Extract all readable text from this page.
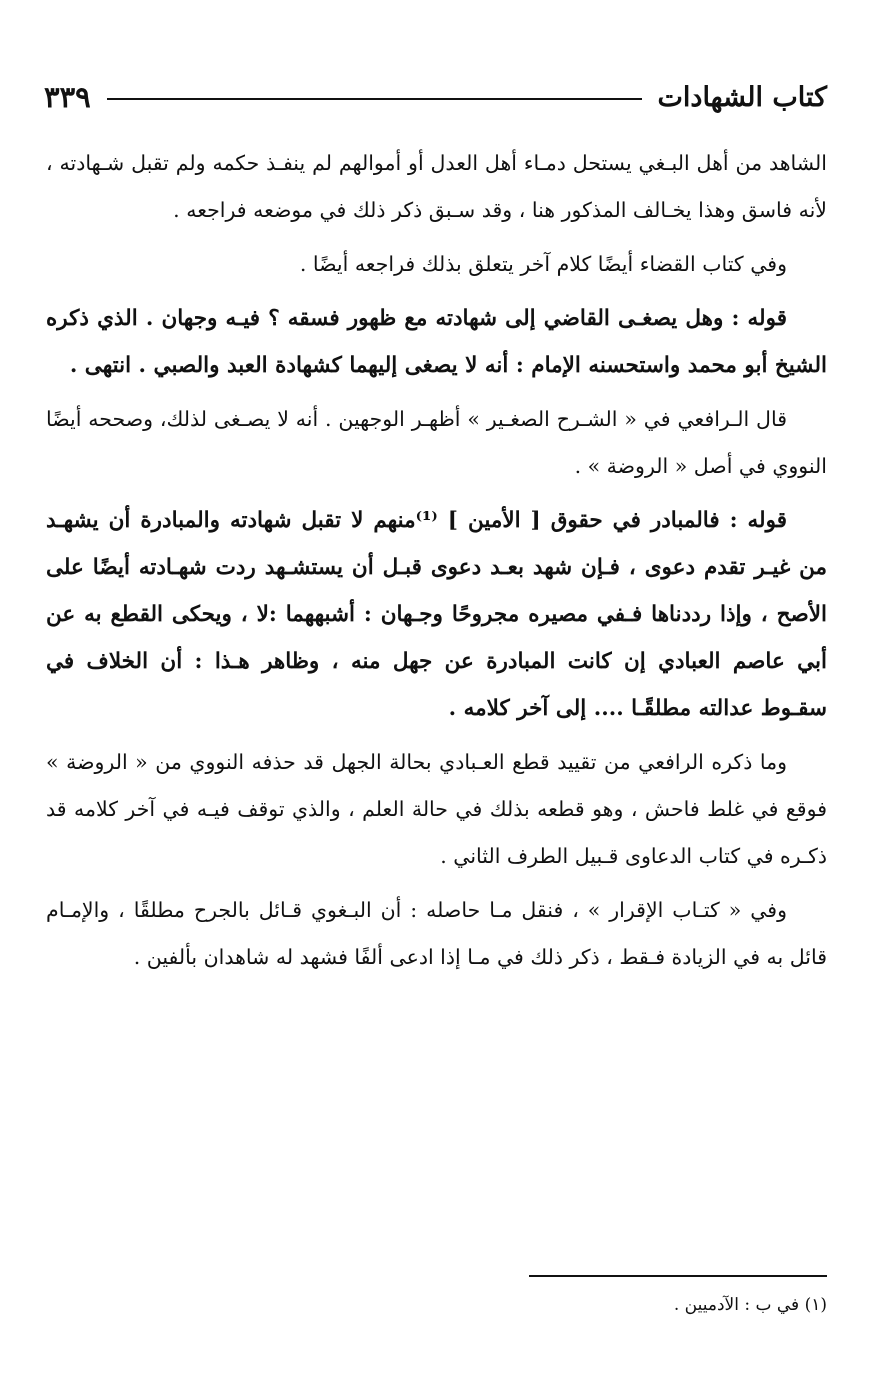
كتاب الشهادات
٣٣٩

الشاهد من أهل البـغي يستحل دمـاء أهل العدل أو أموالهم لم ينفـذ حكمه ولم تقبل شـهادته ، لأنه فاسق وهذا يخـالف المذكور هنا ، وقد سـبق ذكر ذلك في موضعه فراجعه .

وفي كتاب القضاء أيضًا كلام آخر يتعلق بذلك فراجعه أيضًا .

قوله : وهل يصغـى القاضي إلى شهادته مع ظهور فسقه ؟ فيـه وجهان . الذي ذكره الشيخ أبو محمد واستحسنه الإمام : أنه لا يصغى إليهما كشهادة العبد والصبي . انتهى .

قال الـرافعي في « الشـرح الصغـير » أظهـر الوجهين . أنه لا يصـغى لذلك، وصححه أيضًا النووي في أصل « الروضة » .

قوله : فالمبادر في حقوق [ الأمين ] ⁽¹⁾منهم لا تقبل شهادته والمبادرة أن يشهـد من غيـر تقدم دعوى ، فـإن شهد بعـد دعوى قبـل أن يستشـهد ردت شهـادته أيضًا على الأصح ، وإذا رددناها فـفي مصيره مجروحًا وجـهان : أشبههما :لا ، ويحكى القطع به عن أبي عاصم العبادي إن كانت المبادرة عن جهل منه ، وظاهر هـذا : أن الخلاف في سقـوط عدالته مطلقًـا .... إلى آخر كلامه .

وما ذكره الرافعي من تقييد قطع العـبادي بحالة الجهل قد حذفه النووي من « الروضة » فوقع في غلط فاحش ، وهو قطعه بذلك في حالة العلم ، والذي توقف فيـه في آخر كلامه قد ذكـره في كتاب الدعاوى قـبيل الطرف الثاني .

وفي « كتـاب الإقرار » ، فنقل مـا حاصله : أن البـغوي قـائل بالجرح مطلقًا ، والإمـام قائل به في الزيادة فـقط ، ذكر ذلك في مـا إذا ادعى ألفًا فشهد له شاهدان بألفين .

(١) في ب : الآدميين .
